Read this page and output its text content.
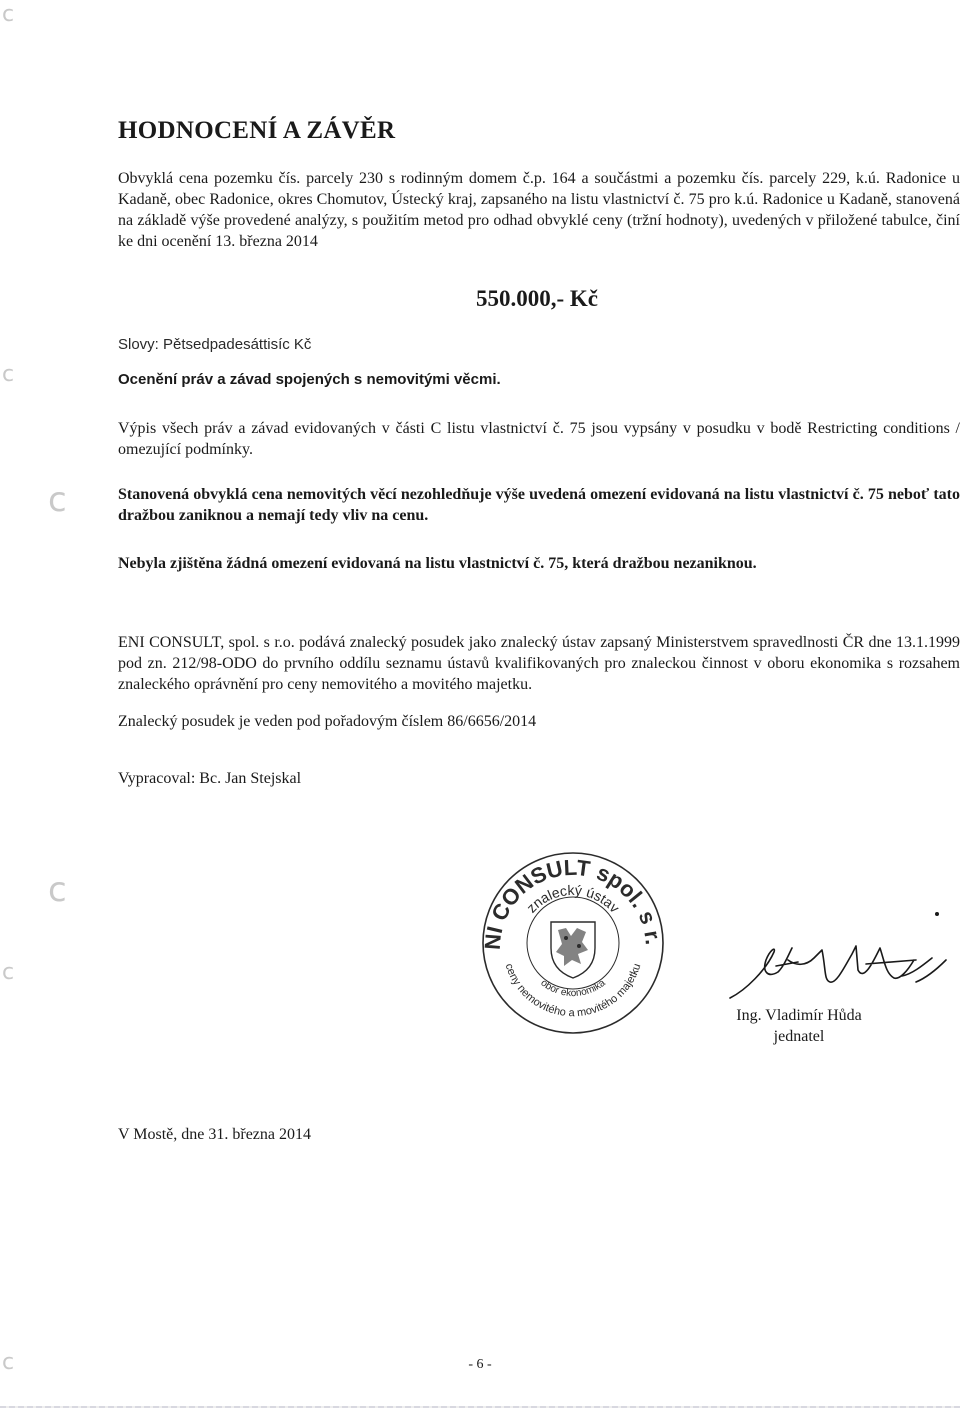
c
c
c
c
c
c
HODNOCENÍ A ZÁVĚR
Obvyklá cena pozemku čís. parcely 230 s rodinným domem č.p. 164 a součástmi a pozemku čís. parcely 229, k.ú. Radonice u Kadaně, obec Radonice, okres Chomutov, Ústecký kraj, zapsaného na listu vlastnictví č. 75 pro k.ú. Radonice u Kadaně, stanovená na základě výše provedené analýzy, s použitím metod pro odhad obvyklé ceny (tržní hodnoty), uvedených v přiložené tabulce, činí ke dni ocenění 13. března 2014
550.000,- Kč
Slovy: Pětsedpadesáttisíc Kč
Ocenění práv a závad spojených s nemovitými věcmi.
Výpis všech práv a závad evidovaných v části C listu vlastnictví č. 75 jsou vypsány v posudku v bodě Restricting conditions / omezující podmínky.
Stanovená obvyklá cena nemovitých věcí nezohledňuje výše uvedená omezení evidovaná na listu vlastnictví č. 75 neboť tato dražbou zaniknou a nemají tedy vliv na cenu.
Nebyla zjištěna žádná omezení evidovaná na listu vlastnictví č. 75, která dražbou nezaniknou.
ENI CONSULT, spol. s r.o. podává znalecký posudek jako znalecký ústav zapsaný Ministerstvem spravedlnosti ČR dne 13.1.1999 pod zn. 212/98-ODO do prvního oddílu seznamu ústavů kvalifikovaných pro znaleckou činnost v oboru ekonomika s rozsahem znaleckého oprávnění pro ceny nemovitého a movitého majetku.
Znalecký posudek je veden pod pořadovým číslem 86/6656/2014
Vypracoval: Bc. Jan Stejskal
NI CONSULT spol. s r.
znalecký ústav
ceny nemovitého a movitého majetku
obor ekonomika
Ing. Vladimír Hůda
jednatel
V Mostě, dne 31. března 2014
- 6 -
